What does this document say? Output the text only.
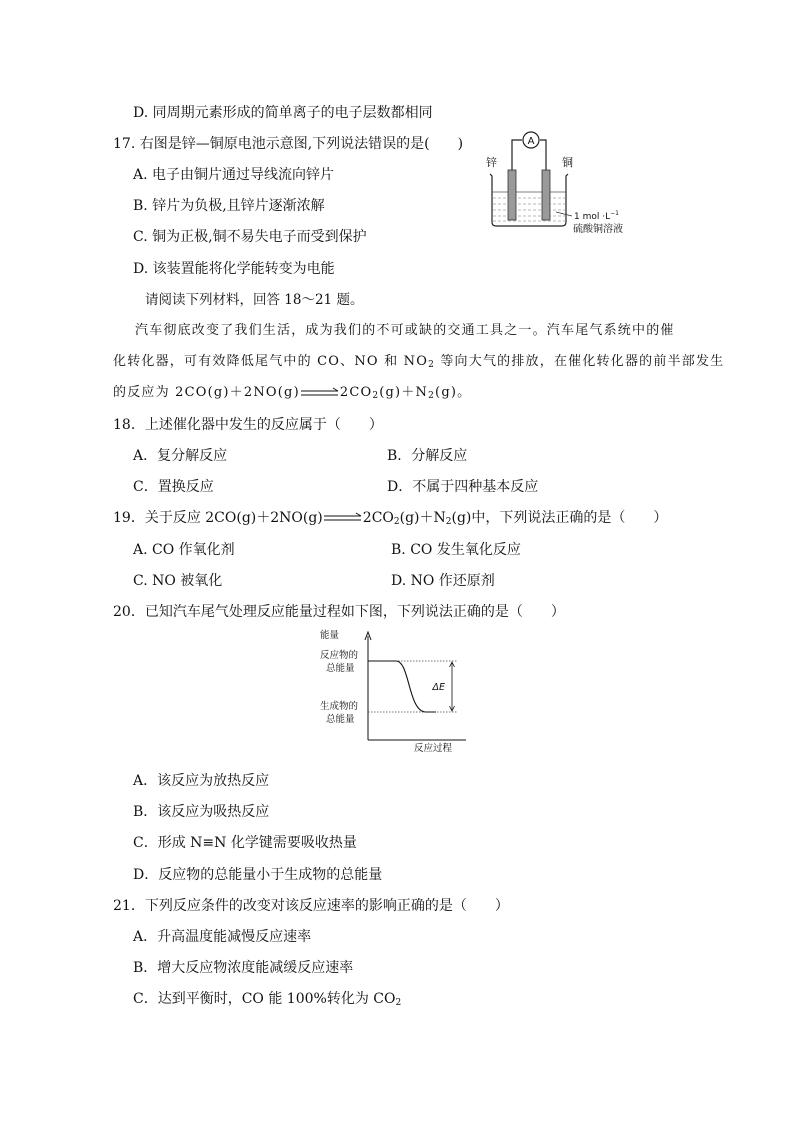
D. 同周期元素形成的简单离子的电子层数都相同
17. 右图是锌—铜原电池示意图,下列说法错误的是(　　)
A. 电子由铜片通过导线流向锌片
B. 锌片为负极,且锌片逐渐浓解
C. 铜为正极,铜不易失电子而受到保护
D. 该装置能将化学能转变为电能
A
锌	铜
1 mol $\cdot L^{-1}$
硫酸铜溶液
请阅读下列材料，回答 18～21 题。
汽车彻底改变了我们生活，成为我们的不可或缺的交通工具之一。汽车尾气系统中的催
化转化器，可有效降低尾气中的 CO、NO 和 $NO_2$ 等向大气的排放，在催化转化器的前半部发生
的反应为 2CO(g)＋2NO(g)	$2CO_2(g)+N_2(g)$。
18．上述催化器中发生的反应属于（　　）
A．复分解反应	B．分解反应
C．置换反应	D．不属于四种基本反应
19．关于反应 2CO(g)＋2NO(g)	$2CO_2(g)+N_2(g)$中，下列说法正确的是（　　）
A. CO 作氧化剂	B. CO 发生氧化反应
C. NO 被氧化	D. NO 作还原剂
20．已知汽车尾气处理反应能量过程如下图，下列说法正确的是（　　）
能量
反应过程
ΔE
反应物的
总能量
生成物的
总能量
A．该反应为放热反应
B．该反应为吸热反应
C．形成 N≡N 化学键需要吸收热量
D．反应物的总能量小于生成物的总能量
21．下列反应条件的改变对该反应速率的影响正确的是（　　）
A．升高温度能减慢反应速率
B．增大反应物浓度能减缓反应速率
C．达到平衡时，CO 能 100%转化为 $CO_2$
